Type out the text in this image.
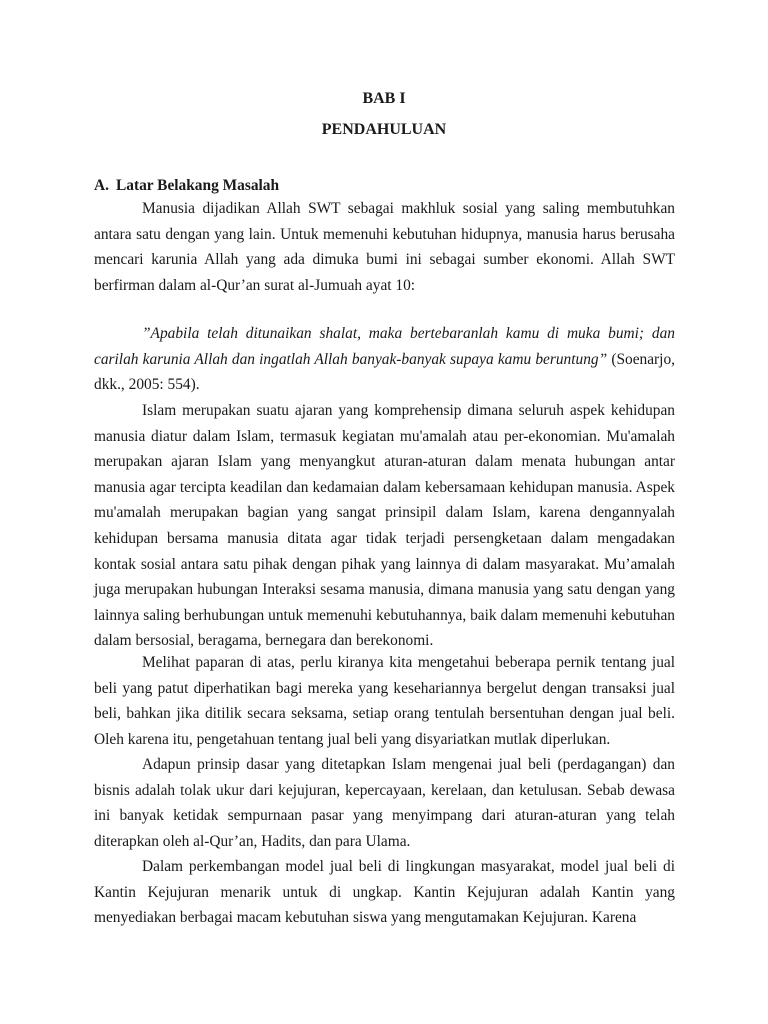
BAB I
PENDAHULUAN
A. Latar Belakang Masalah

Manusia dijadikan Allah SWT sebagai makhluk sosial yang saling membutuhkan antara satu dengan yang lain. Untuk memenuhi kebutuhan hidupnya, manusia harus berusaha mencari karunia Allah yang ada dimuka bumi ini sebagai sumber ekonomi. Allah SWT berfirman dalam al-Qur’an surat al-Jumuah ayat 10:

”Apabila telah ditunaikan shalat, maka bertebaranlah kamu di muka bumi; dan carilah karunia Allah dan ingatlah Allah banyak-banyak supaya kamu beruntung” (Soenarjo, dkk., 2005: 554).

Islam merupakan suatu ajaran yang komprehensip dimana seluruh aspek kehidupan manusia diatur dalam Islam, termasuk kegiatan mu'amalah atau per-ekonomian. Mu'amalah merupakan ajaran Islam yang menyangkut aturan-aturan dalam menata hubungan antar manusia agar tercipta keadilan dan kedamaian dalam kebersamaan kehidupan manusia. Aspek mu'amalah merupakan bagian yang sangat prinsipil dalam Islam, karena dengannyalah kehidupan bersama manusia ditata agar tidak terjadi persengketaan dalam mengadakan kontak sosial antara satu pihak dengan pihak yang lainnya di dalam masyarakat. Mu’amalah juga merupakan hubungan Interaksi sesama manusia, dimana manusia yang satu dengan yang lainnya saling berhubungan untuk memenuhi kebutuhannya, baik dalam memenuhi kebutuhan dalam bersosial, beragama, bernegara dan berekonomi.

Melihat paparan di atas, perlu kiranya kita mengetahui beberapa pernik tentang jual beli yang patut diperhatikan bagi mereka yang kesehariannya bergelut dengan transaksi jual beli, bahkan jika ditilik secara seksama, setiap orang tentulah bersentuhan dengan jual beli. Oleh karena itu, pengetahuan tentang jual beli yang disyariatkan mutlak diperlukan.

Adapun prinsip dasar yang ditetapkan Islam mengenai jual beli (perdagangan) dan bisnis adalah tolak ukur dari kejujuran, kepercayaan, kerelaan, dan ketulusan. Sebab dewasa ini banyak ketidak sempurnaan pasar yang menyimpang dari aturan-aturan yang telah diterapkan oleh al-Qur’an, Hadits, dan para Ulama.

Dalam perkembangan model jual beli di lingkungan masyarakat, model jual beli di Kantin Kejujuran menarik untuk di ungkap. Kantin Kejujuran adalah Kantin yang menyediakan berbagai macam kebutuhan siswa yang mengutamakan Kejujuran. Karena
